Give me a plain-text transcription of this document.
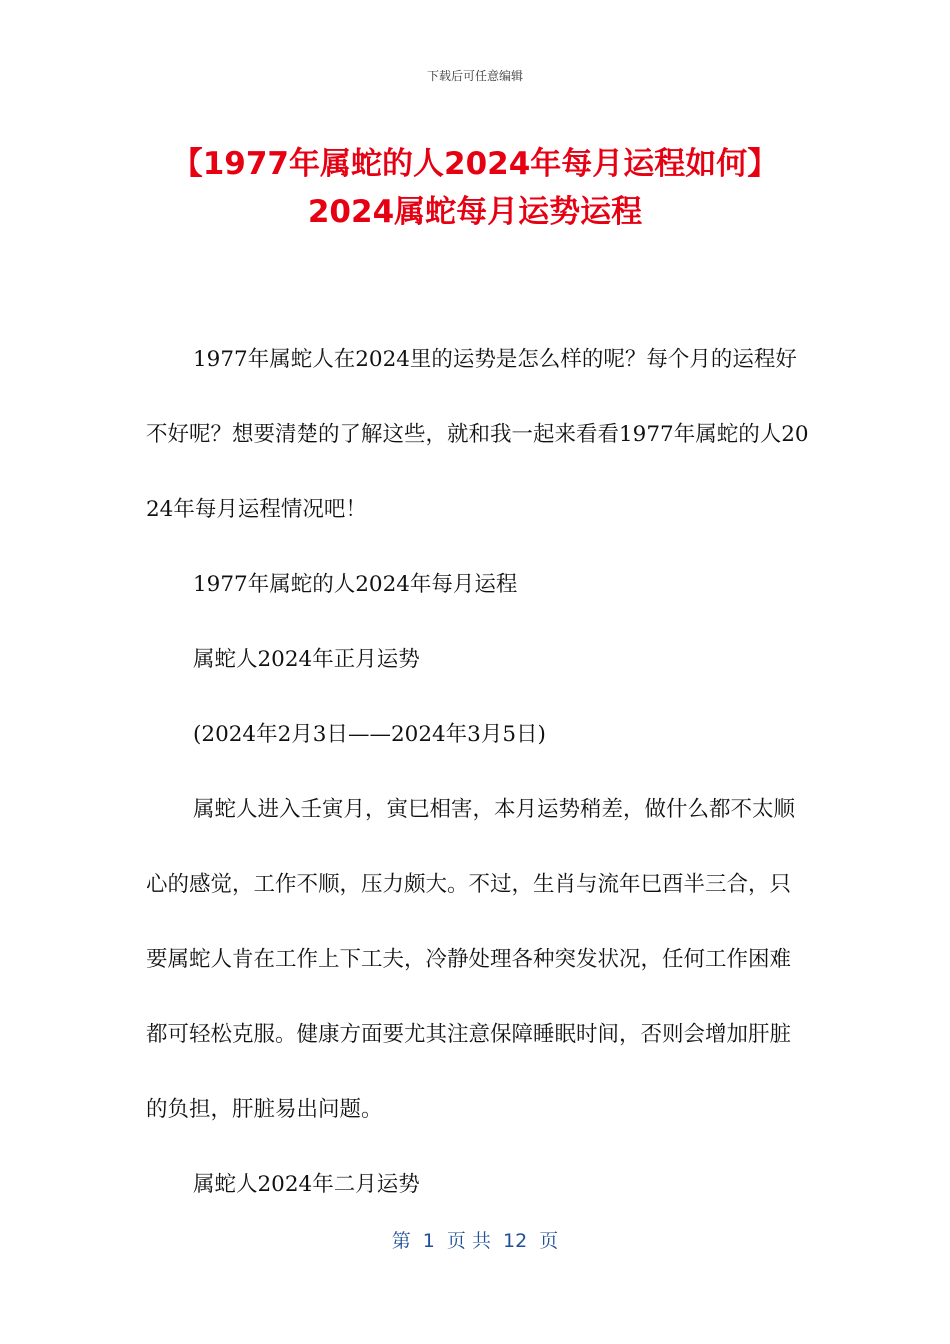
下载后可任意编辑
【1977年属蛇的人2024年每月运程如何】
2024属蛇每月运势运程

1977年属蛇人在2024里的运势是怎么样的呢？每个月的运程好不好呢？想要清楚的了解这些，就和我一起来看看1977年属蛇的人2024年每月运程情况吧！

1977年属蛇的人2024年每月运程

属蛇人2024年正月运势

(2024年2月3日——2024年3月5日)

属蛇人进入壬寅月，寅巳相害，本月运势稍差，做什么都不太顺心的感觉，工作不顺，压力颇大。不过，生肖与流年巳酉半三合，只要属蛇人肯在工作上下工夫，冷静处理各种突发状况，任何工作困难都可轻松克服。健康方面要尤其注意保障睡眠时间，否则会增加肝脏的负担，肝脏易出问题。

属蛇人2024年二月运势

第  1  页 共  12  页
